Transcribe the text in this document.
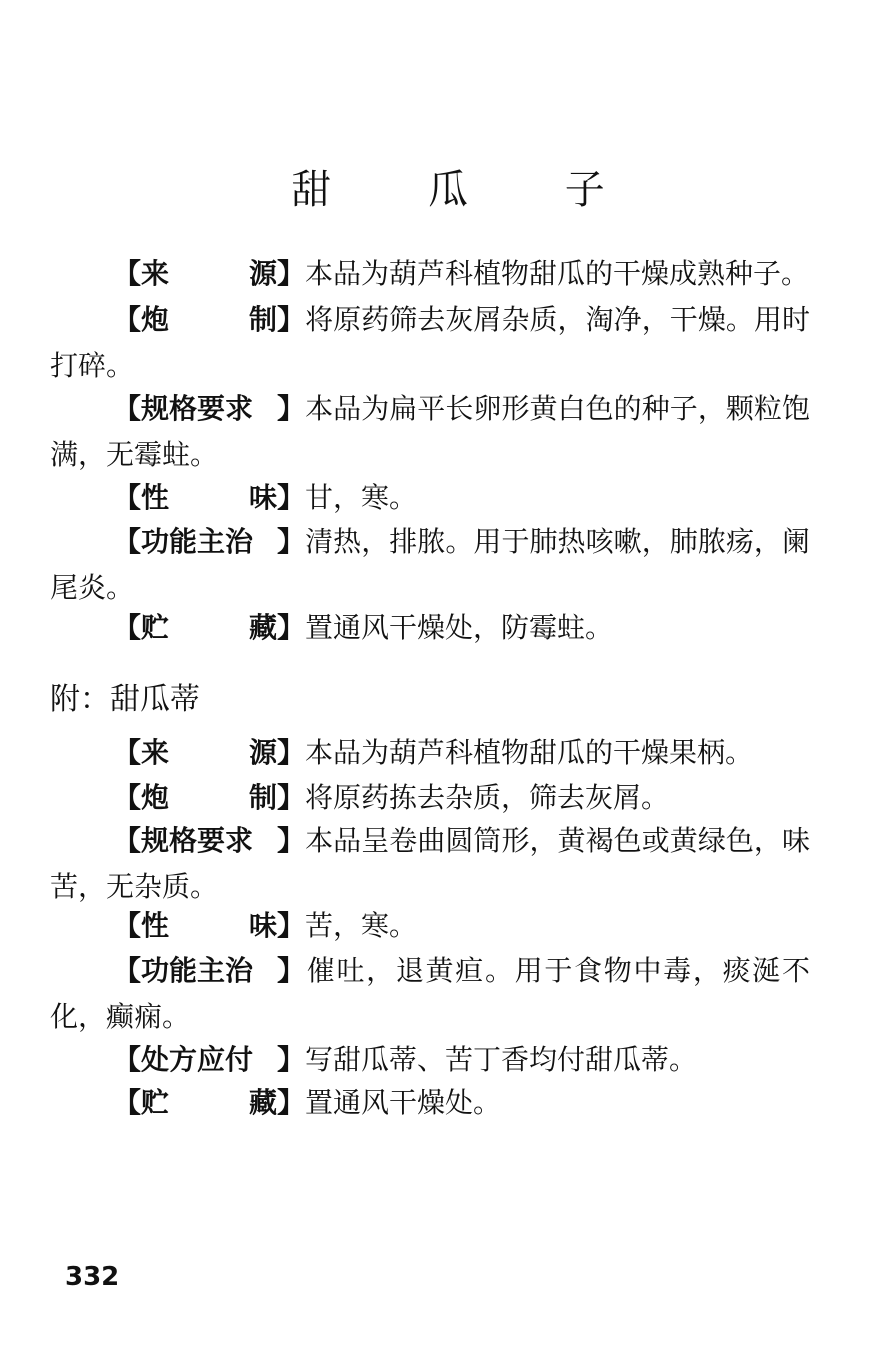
甜 瓜 子
【 来	源 】本品为葫芦科植物甜瓜的干燥成熟种子。
【 炮	制 】将原药筛去灰屑杂质，淘净，干燥。用时打碎。
【规格要求 】本品为扁平长卵形黄白色的种子，颗粒饱满，无霉蛀。
【 性	味 】甘，寒。
【功能主治 】清热，排脓。用于肺热咳嗽，肺脓疡，阑尾炎。
【 贮	藏 】置通风干燥处，防霉蛀。
附：甜瓜蒂
【 来	源 】本品为葫芦科植物甜瓜的干燥果柄。
【 炮	制 】将原药拣去杂质，筛去灰屑。
【规格要求 】本品呈卷曲圆筒形，黄褐色或黄绿色，味苦，无杂质。
【 性	味 】苦，寒。
【功能主治 】催吐，退黄疸。用于食物中毒，痰涎不化，癫痫。
【处方应付 】写甜瓜蒂、苦丁香均付甜瓜蒂。
【 贮	藏 】置通风干燥处。
332
